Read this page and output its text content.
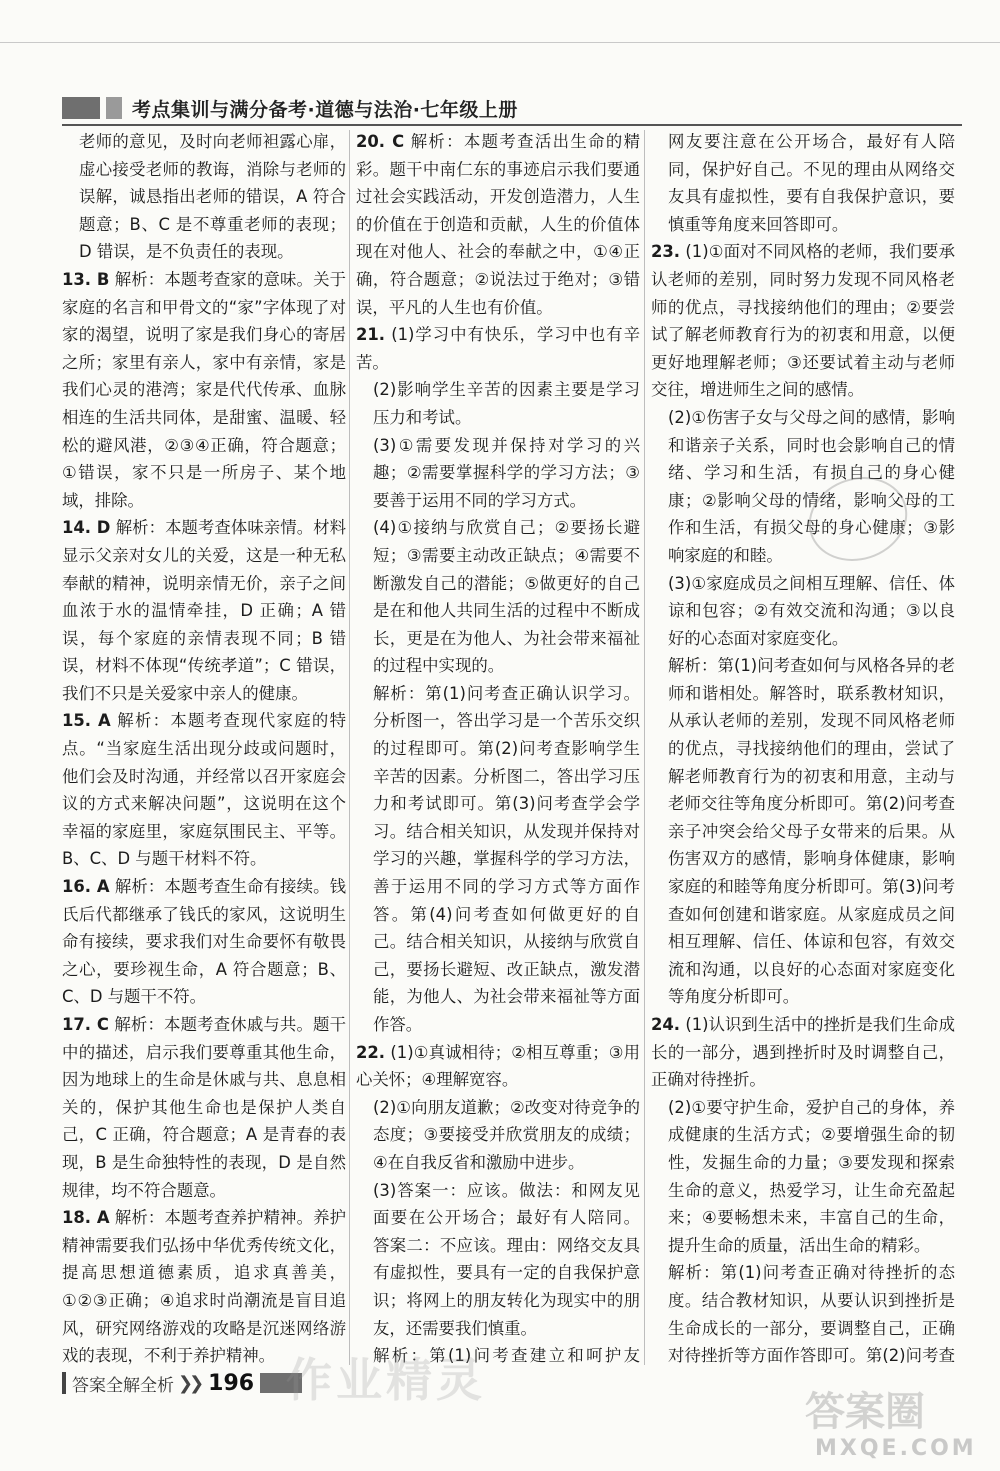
考点集训与满分备考·道德与法治·七年级上册

老师的意见，及时向老师袒露心扉，虚心接受老师的教诲，消除与老师的误解，诚恳指出老师的错误，A 符合题意；B、C 是不尊重老师的表现；D 错误，是不负责任的表现。

13. B 解析：本题考查家的意味。关于家庭的名言和甲骨文的“家”字体现了对家的渴望，说明了家是我们身心的寄居之所；家里有亲人，家中有亲情，家是我们心灵的港湾；家是代代传承、血脉相连的生活共同体，是甜蜜、温暖、轻松的避风港，②③④正确，符合题意；①错误，家不只是一所房子、某个地域，排除。

14. D 解析：本题考查体味亲情。材料显示父亲对女儿的关爱，这是一种无私奉献的精神，说明亲情无价，亲子之间血浓于水的温情牵挂，D 正确；A 错误，每个家庭的亲情表现不同；B 错误，材料不体现“传统孝道”；C 错误，我们不只是关爱家中亲人的健康。

15. A 解析：本题考查现代家庭的特点。“当家庭生活出现分歧或问题时，他们会及时沟通，并经常以召开家庭会议的方式来解决问题”，这说明在这个幸福的家庭里，家庭氛围民主、平等。B、C、D 与题干材料不符。

16. A 解析：本题考查生命有接续。钱氏后代都继承了钱氏的家风，这说明生命有接续，要求我们对生命要怀有敬畏之心，要珍视生命，A 符合题意；B、C、D 与题干不符。

17. C 解析：本题考查休戚与共。题干中的描述，启示我们要尊重其他生命，因为地球上的生命是休戚与共、息息相关的，保护其他生命也是保护人类自己，C 正确，符合题意；A 是青春的表现，B 是生命独特性的表现，D 是自然规律，均不符合题意。

18. A 解析：本题考查养护精神。养护精神需要我们弘扬中华优秀传统文化，提高思想道德素质，追求真善美，①②③正确；④追求时尚潮流是盲目追风，研究网络游戏的攻略是沉迷网络游戏的表现，不利于养护精神。

20. C 解析：本题考查活出生命的精彩。题干中南仁东的事迹启示我们要通过社会实践活动，开发创造潜力，人生的价值在于创造和贡献，人生的价值体现在对他人、社会的奉献之中，①④正确，符合题意；②说法过于绝对；③错误，平凡的人生也有价值。

21. (1)学习中有快乐，学习中也有辛苦。

(2)影响学生辛苦的因素主要是学习压力和考试。

(3)①需要发现并保持对学习的兴趣；②需要掌握科学的学习方法；③要善于运用不同的学习方式。

(4)①接纳与欣赏自己；②要扬长避短；③需要主动改正缺点；④需要不断激发自己的潜能；⑤做更好的自己是在和他人共同生活的过程中不断成长，更是在为他人、为社会带来福祉的过程中实现的。

解析：第(1)问考查正确认识学习。分析图一，答出学习是一个苦乐交织的过程即可。第(2)问考查影响学生辛苦的因素。分析图二，答出学习压力和考试即可。第(3)问考查学会学习。结合相关知识，从发现并保持对学习的兴趣，掌握科学的学习方法，善于运用不同的学习方式等方面作答。第(4)问考查如何做更好的自己。结合相关知识，从接纳与欣赏自己，要扬长避短、改正缺点，激发潜能，为他人、为社会带来福祉等方面作答。

22. (1)①真诚相待；②相互尊重；③用心关怀；④理解宽容。

(2)①向朋友道歉；②改变对待竞争的态度；③要接受并欣赏朋友的成绩；④在自我反省和激励中进步。

(3)答案一：应该。做法：和网友见面要在公开场合；最好有人陪同。 答案二：不应该。理由：网络交友具有虚拟性，要具有一定的自我保护意识；将网上的朋友转化为现实中的朋友，还需要我们慎重。

解析：第(1)问考查建立和呵护友

网友要注意在公开场合，最好有人陪同，保护好自己。不见的理由从网络交友具有虚拟性，要有自我保护意识，要慎重等角度来回答即可。

23. (1)①面对不同风格的老师，我们要承认老师的差别，同时努力发现不同风格老师的优点，寻找接纳他们的理由；②要尝试了解老师教育行为的初衷和用意，以便更好地理解老师；③还要试着主动与老师交往，增进师生之间的感情。

(2)①伤害子女与父母之间的感情，影响和谐亲子关系，同时也会影响自己的情绪、学习和生活，有损自己的身心健康；②影响父母的情绪，影响父母的工作和生活，有损父母的身心健康；③影响家庭的和睦。

(3)①家庭成员之间相互理解、信任、体谅和包容；②有效交流和沟通；③以良好的心态面对家庭变化。

解析：第(1)问考查如何与风格各异的老师和谐相处。解答时，联系教材知识，从承认老师的差别，发现不同风格老师的优点，寻找接纳他们的理由，尝试了解老师教育行为的初衷和用意，主动与老师交往等角度分析即可。第(2)问考查亲子冲突会给父母子女带来的后果。从伤害双方的感情，影响身体健康，影响家庭的和睦等角度分析即可。第(3)问考查如何创建和谐家庭。从家庭成员之间相互理解、信任、体谅和包容，有效交流和沟通，以良好的心态面对家庭变化等角度分析即可。

24. (1)认识到生活中的挫折是我们生命成长的一部分，遇到挫折时及时调整自己，正确对待挫折。

(2)①要守护生命，爱护自己的身体，养成健康的生活方式；②要增强生命的韧性，发掘生命的力量；③要发现和探索生命的意义，热爱学习，让生命充盈起来；④要畅想未来，丰富自己的生命，提升生命的质量，活出生命的精彩。

解析：第(1)问考查正确对待挫折的态度。结合教材知识，从要认识到挫折是生命成长的一部分，要调整自己，正确对待挫折等方面作答即可。第(2)问考查

答案全解全析 ❯❯ 196 作业精灵
答案圈
MXQE.COM
